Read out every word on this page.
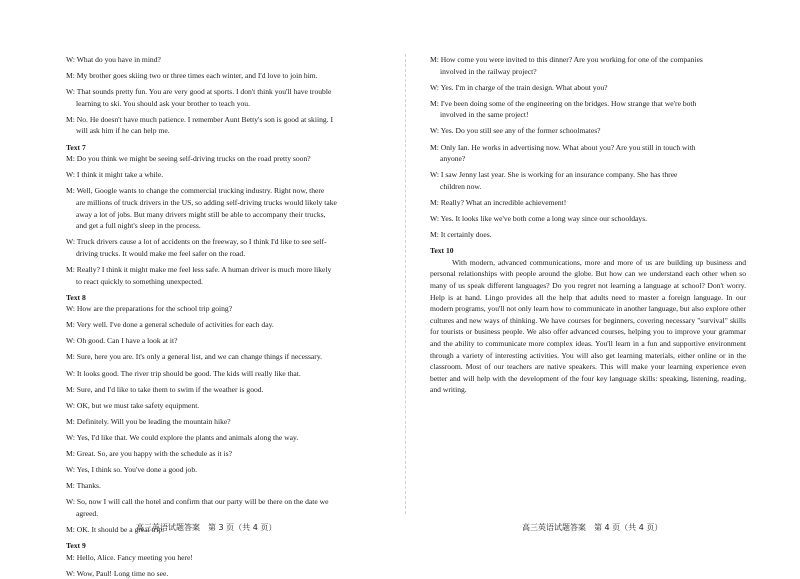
W: What do you have in mind?
M: My brother goes skiing two or three times each winter, and I'd love to join him.
W: That sounds pretty fun. You are very good at sports. I don't think you'll have trouble
learning to ski. You should ask your brother to teach you.
M: No. He doesn't have much patience. I remember Aunt Betty's son is good at skiing. I
will ask him if he can help me.
Text 7
M: Do you think we might be seeing self-driving trucks on the road pretty soon?
W: I think it might take a while.
M: Well, Google wants to change the commercial trucking industry. Right now, there
are millions of truck drivers in the US, so adding self-driving trucks would likely take
away a lot of jobs. But many drivers might still be able to accompany their trucks,
and get a full night's sleep in the process.
W: Truck drivers cause a lot of accidents on the freeway, so I think I'd like to see self-
driving trucks. It would make me feel safer on the road.
M: Really? I think it might make me feel less safe. A human driver is much more likely
to react quickly to something unexpected.
Text 8
W: How are the preparations for the school trip going?
M: Very well. I've done a general schedule of activities for each day.
W: Oh good. Can I have a look at it?
M: Sure, here you are. It's only a general list, and we can change things if necessary.
W: It looks good. The river trip should be good. The kids will really like that.
M: Sure, and I'd like to take them to swim if the weather is good.
W: OK, but we must take safety equipment.
M: Definitely. Will you be leading the mountain hike?
W: Yes, I'd like that. We could explore the plants and animals along the way.
M: Great. So, are you happy with the schedule as it is?
W: Yes, I think so. You've done a good job.
M: Thanks.
W: So, now I will call the hotel and confirm that our party will be there on the date we
agreed.
M: OK. It should be a great trip.
Text 9
M: Hello, Alice. Fancy meeting you here!
W: Wow, Paul! Long time no see.
M: How come you were invited to this dinner? Are you working for one of the companies
involved in the railway project?
W: Yes. I'm in charge of the train design. What about you?
M: I've been doing some of the engineering on the bridges. How strange that we're both
involved in the same project!
W: Yes. Do you still see any of the former schoolmates?
M: Only Ian. He works in advertising now. What about you? Are you still in touch with
anyone?
W: I saw Jenny last year. She is working for an insurance company. She has three
children now.
M: Really? What an incredible achievement!
W: Yes. It looks like we've both come a long way since our schooldays.
M: It certainly does.
Text 10
With modern, advanced communications, more and more of us are building up business and personal relationships with people around the globe. But how can we understand each other when so many of us speak different languages? Do you regret not learning a language at school? Don't worry. Help is at hand. Lingo provides all the help that adults need to master a foreign language. In our modern programs, you'll not only learn how to communicate in another language, but also explore other cultures and new ways of thinking. We have courses for beginners, covering necessary "survival" skills for tourists or business people. We also offer advanced courses, helping you to improve your grammar and the ability to communicate more complex ideas. You'll learn in a fun and supportive environment through a variety of interesting activities. You will also get learning materials, either online or in the classroom. Most of our teachers are native speakers. This will make your learning experience even better and will help with the development of the four key language skills: speaking, listening, reading, and writing.
高三英语试题答案　第 3 页（共 4 页）	高三英语试题答案　第 4 页（共 4 页）
